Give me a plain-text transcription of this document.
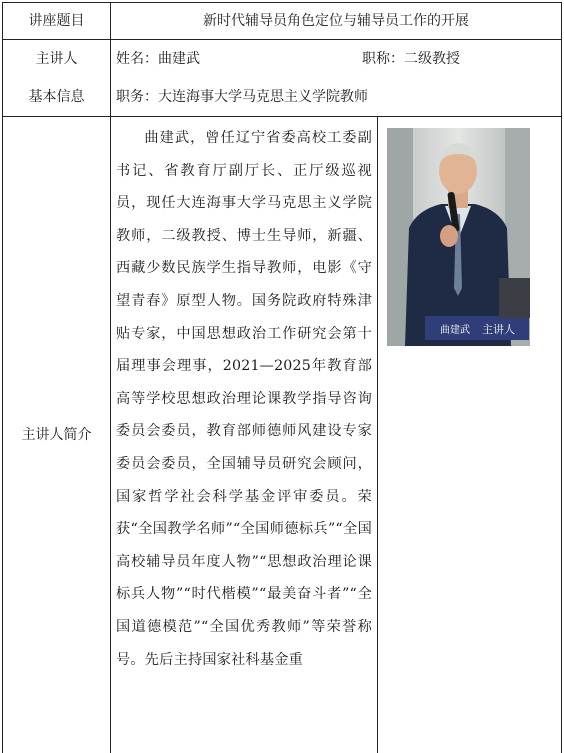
讲座题目	新时代辅导员角色定位与辅导员工作的开展
主讲人
基本信息
姓名：曲建武	职称：二级教授
职务：大连海事大学马克思主义学院教师
主讲人简介

曲建武，曾任辽宁省委高校工委副书记、省教育厅副厅长、正厅级巡视员，现任大连海事大学马克思主义学院教师，二级教授、博士生导师，新疆、西藏少数民族学生指导教师，电影《守望青春》原型人物。国务院政府特殊津贴专家，中国思想政治工作研究会第十届理事会理事，2021—2025年教育部高等学校思想政治理论课教学指导咨询委员会委员，教育部师德师风建设专家委员会委员，全国辅导员研究会顾问，国家哲学社会科学基金评审委员。荣获“全国教学名师”“全国师德标兵”“全国高校辅导员年度人物”“思想政治理论课标兵人物”“时代楷模”“最美奋斗者”“全国道德模范”“全国优秀教师”等荣誉称号。先后主持国家社科基金重

曲建武 主讲人
